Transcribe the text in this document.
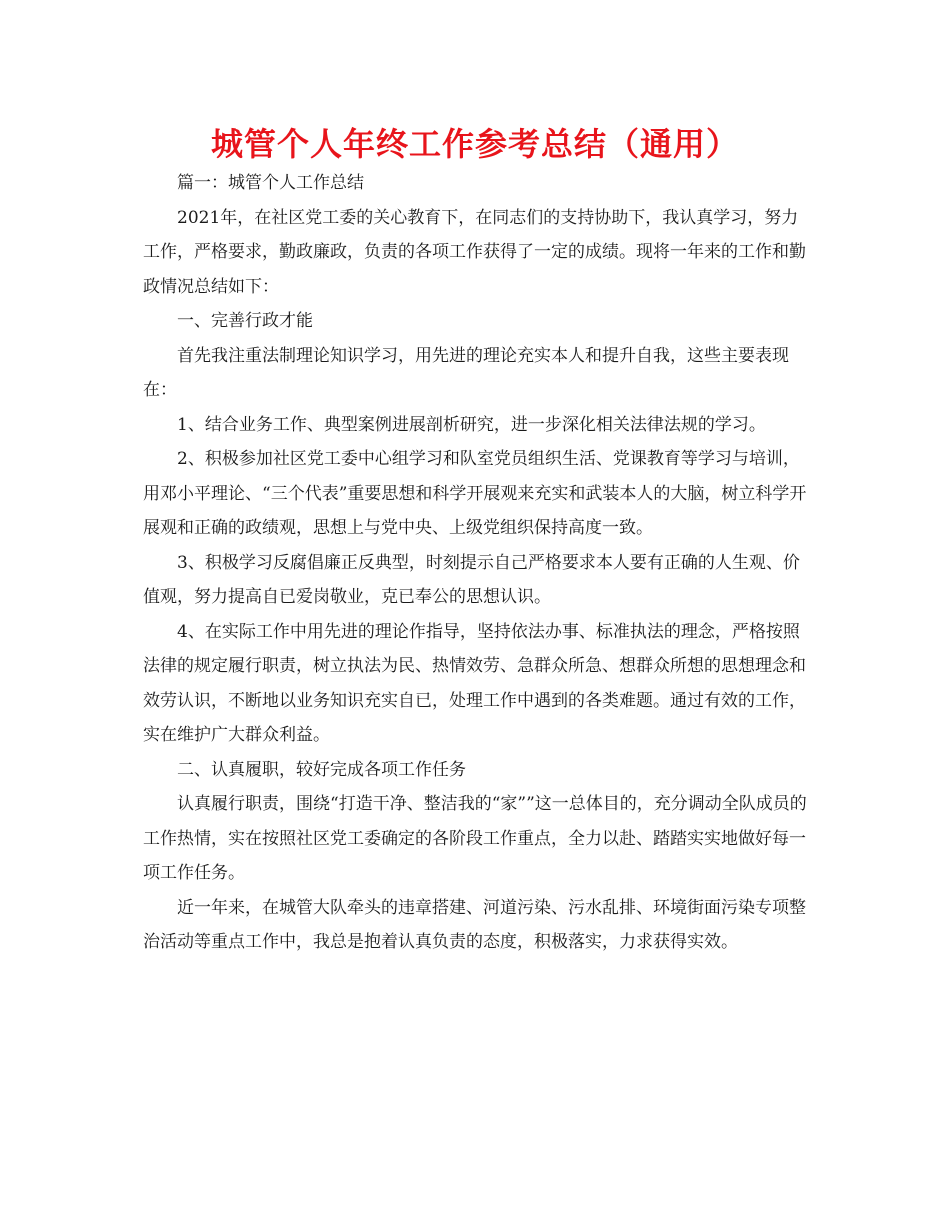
城管个人年终工作参考总结（通用）

篇一：城管个人工作总结

2021年，在社区党工委的关心教育下，在同志们的支持协助下，我认真学习，努力工作，严格要求，勤政廉政，负责的各项工作获得了一定的成绩。现将一年来的工作和勤政情况总结如下：

一、完善行政才能

首先我注重法制理论知识学习，用先进的理论充实本人和提升自我，这些主要表现在：

1、结合业务工作、典型案例进展剖析研究，进一步深化相关法律法规的学习。

2、积极参加社区党工委中心组学习和队室党员组织生活、党课教育等学习与培训，用邓小平理论、“三个代表”重要思想和科学开展观来充实和武装本人的大脑，树立科学开展观和正确的政绩观，思想上与党中央、上级党组织保持高度一致。

3、积极学习反腐倡廉正反典型，时刻提示自己严格要求本人要有正确的人生观、价值观，努力提高自已爱岗敬业，克已奉公的思想认识。

4、在实际工作中用先进的理论作指导，坚持依法办事、标准执法的理念，严格按照法律的规定履行职责，树立执法为民、热情效劳、急群众所急、想群众所想的思想理念和效劳认识，不断地以业务知识充实自已，处理工作中遇到的各类难题。通过有效的工作，实在维护广大群众利益。

二、认真履职，较好完成各项工作任务

认真履行职责，围绕“打造干净、整洁我的“家””这一总体目的，充分调动全队成员的工作热情，实在按照社区党工委确定的各阶段工作重点，全力以赴、踏踏实实地做好每一项工作任务。

近一年来，在城管大队牵头的违章搭建、河道污染、污水乱排、环境街面污染专项整治活动等重点工作中，我总是抱着认真负责的态度，积极落实，力求获得实效。
